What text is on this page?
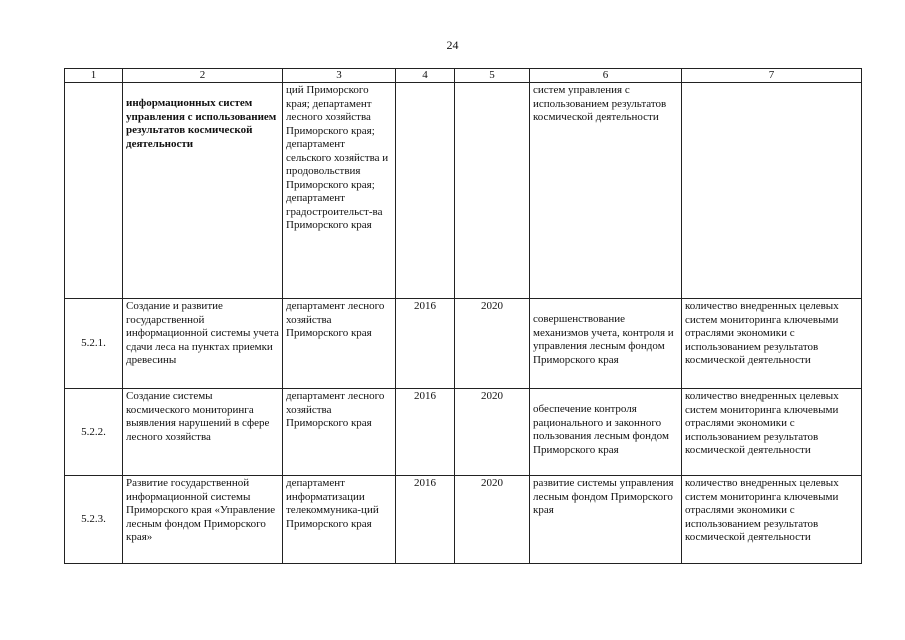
24
1	2	3	4	5	6	7
	информационных систем управления с использованием результатов космической деятельности	ций Приморского края; департамент лесного хозяйства Приморского края; департамент сельского хозяйства и продовольствия Приморского края; департамент градостроительст-ва Приморского края			систем управления с использованием результатов космической деятельности	
5.2.1.	Создание и развитие государственной информационной системы учета сдачи леса на пунктах приемки древесины	департамент лесного хозяйства Приморского края	2016	2020	совершенствование механизмов учета, контроля и управления лесным фондом Приморского края	количество внедренных целевых систем мониторинга ключевыми отраслями экономики с использованием результатов космической деятельности
5.2.2.	Создание системы космического мониторинга выявления нарушений в сфере лесного хозяйства	департамент лесного хозяйства Приморского края	2016	2020	обеспечение контроля рационального и законного пользования лесным фондом Приморского края	количество внедренных целевых систем мониторинга ключевыми отраслями экономики с использованием результатов космической деятельности
5.2.3.	Развитие государственной информационной системы Приморского края «Управление лесным фондом Приморского края»	департамент информатизации телекоммуника-ций Приморского края	2016	2020	развитие системы управления лесным фондом Приморского края	количество внедренных целевых систем мониторинга ключевыми отраслями экономики с использованием результатов космической деятельности
